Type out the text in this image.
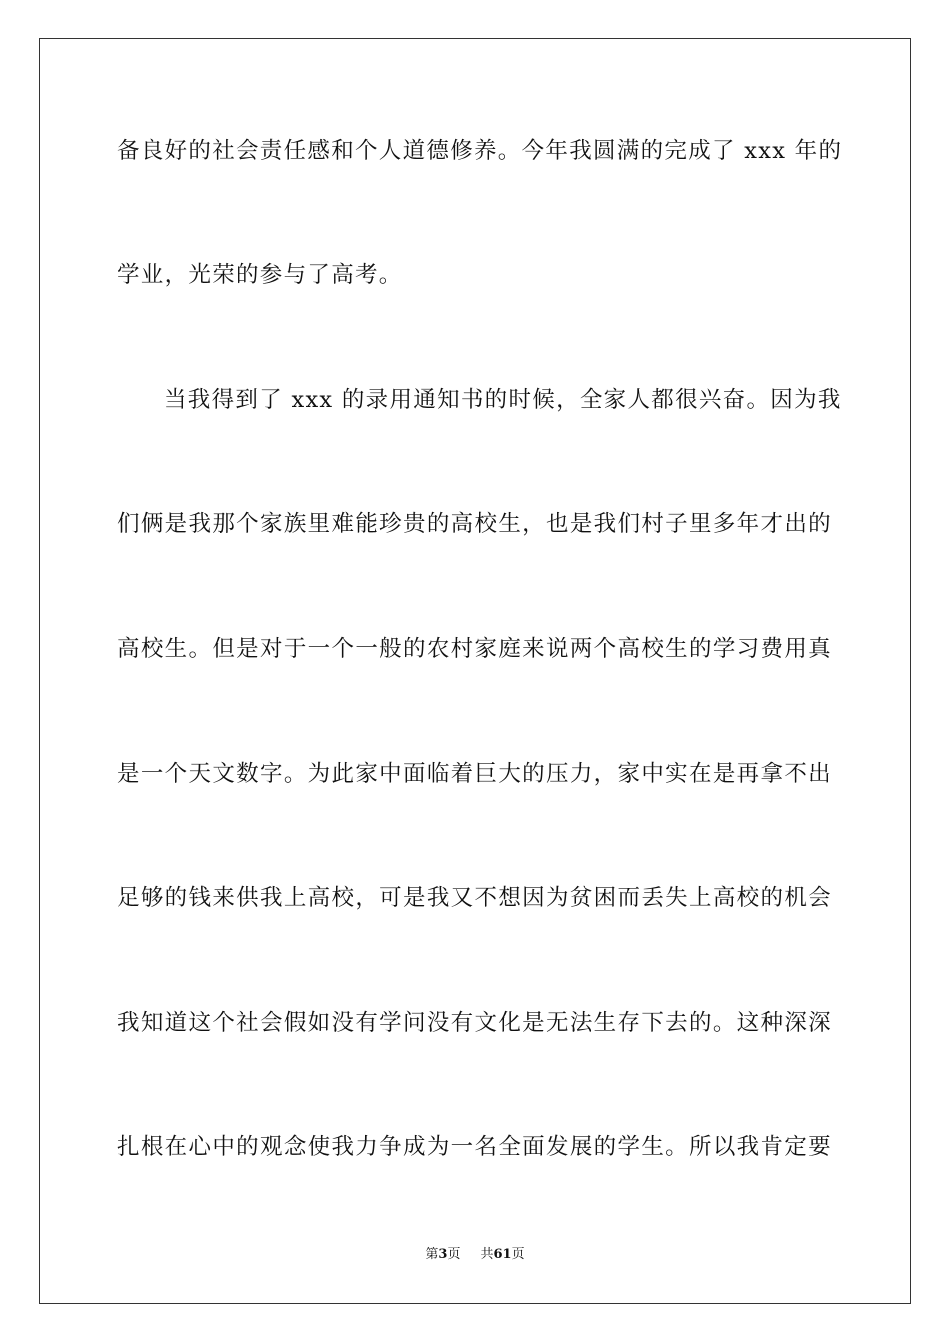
备良好的社会责任感和个人道德修养。今年我圆满的完成了 xxx 年的
学业，光荣的参与了高考。
当我得到了 xxx 的录用通知书的时候，全家人都很兴奋。因为我
们俩是我那个家族里难能珍贵的高校生，也是我们村子里多年才出的
高校生。但是对于一个一般的农村家庭来说两个高校生的学习费用真
是一个天文数字。为此家中面临着巨大的压力，家中实在是再拿不出
足够的钱来供我上高校，可是我又不想因为贫困而丢失上高校的机会
我知道这个社会假如没有学问没有文化是无法生存下去的。这种深深
扎根在心中的观念使我力争成为一名全面发展的学生。所以我肯定要
第3页 共61页
